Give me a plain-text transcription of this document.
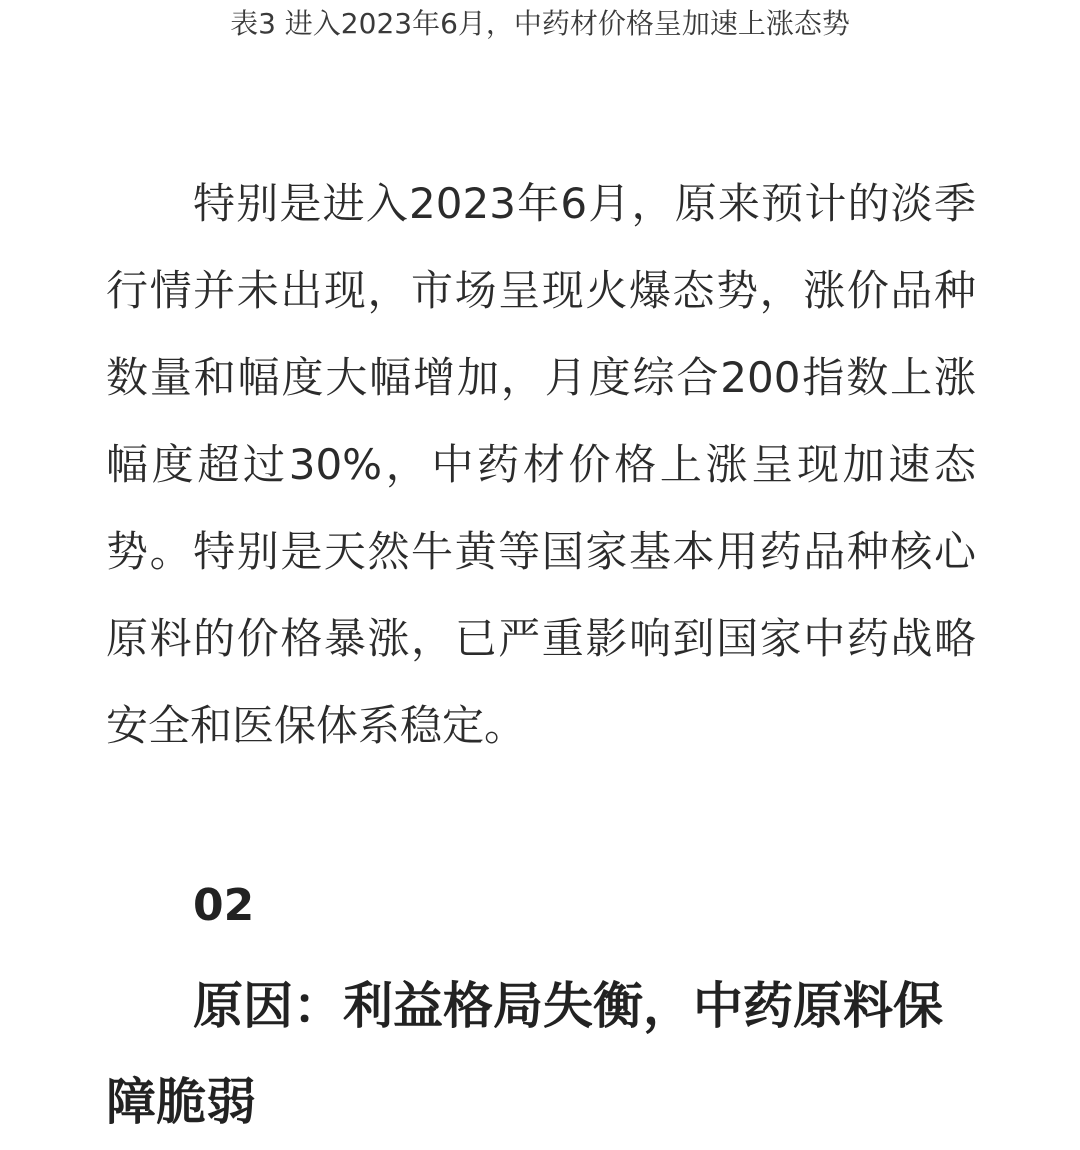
表3 进入2023年6月，中药材价格呈加速上涨态势

特别是进入2023年6月，原来预计的淡季行情并未出现，市场呈现火爆态势，涨价品种数量和幅度大幅增加，月度综合200指数上涨幅度超过30%，中药材价格上涨呈现加速态势。特别是天然牛黄等国家基本用药品种核心原料的价格暴涨，已严重影响到国家中药战略安全和医保体系稳定。

02
原因：利益格局失衡，中药原料保障脆弱
